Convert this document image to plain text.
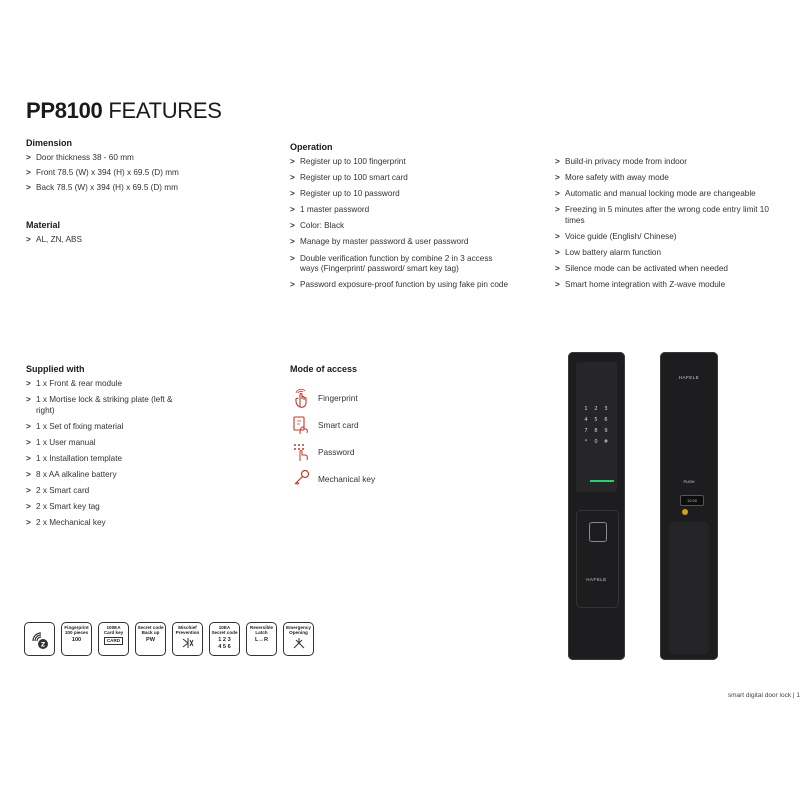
PP8100 FEATURES
Dimension
> Door thickness 38 - 60 mm
> Front 78.5 (W) x 394 (H) x 69.5 (D) mm
> Back 78.5 (W) x 394 (H) x 69.5 (D) mm
Material
> AL, ZN, ABS
Operation
> Register up to 100 fingerprint
> Register up to 100 smart card
> Register up to 10 password
> 1 master password
> Color: Black
> Manage by master password & user password
> Double verification function by combine 2 in 3 access ways (Fingerprint/ password/ smart key tag)
> Password exposure-proof function by using fake pin code
> Build-in privacy mode from indoor
> More safety with away mode
> Automatic and manual locking mode are changeable
> Freezing in 5 minutes after the wrong code entry limit 10 times
> Voice guide (English/ Chinese)
> Low battery alarm function
> Silence mode can be activated when needed
> Smart home integration with Z-wave module
Supplied with
> 1 x Front & rear module
> 1 x Mortise lock & striking plate (left & right)
> 1 x Set of fixing material
> 1 x User manual
> 1 x Installation template
> 8 x AA alkaline battery
> 2 x Smart card
> 2 x Smart key tag
> 2 x Mechanical key
Mode of access
Fingerprint
Smart card
Password
Mechanical key
1 2 3
4 5 6
7 8 9
* 0 #
HAFELE
HAFELE
PUSH
12:00
Z
Fingerprint
100 pieces
100
100EA
Card key
CARD
Secret code
Back up
PW
Mischief
Prevention
10EA
Secret code
1 2 3
4 5 6
Reversible
Latch
L↔R
Emergency
Opening
smart digital door lock | 1
